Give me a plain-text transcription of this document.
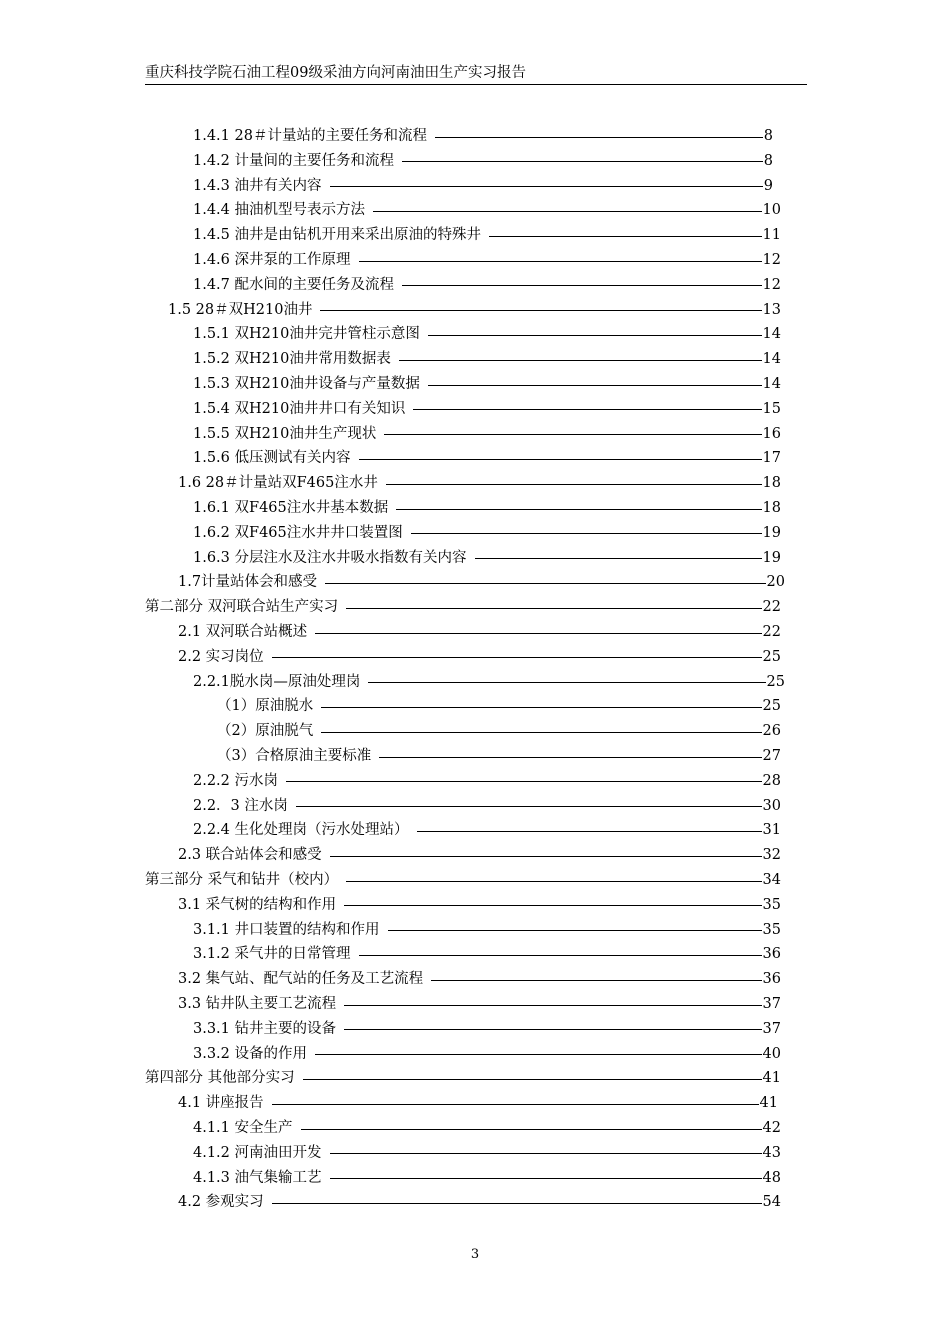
重庆科技学院石油工程09级采油方向河南油田生产实习报告
1.4.1 28＃计量站的主要任务和流程	8
1.4.2 计量间的主要任务和流程	8
1.4.3 油井有关内容	9
1.4.4 抽油机型号表示方法	10
1.4.5 油井是由钻机开用来采出原油的特殊井	11
1.4.6 深井泵的工作原理	12
1.4.7 配水间的主要任务及流程	12
1.5 28＃双H210油井	13
1.5.1 双H210油井完井管柱示意图	14
1.5.2 双H210油井常用数据表	14
1.5.3 双H210油井设备与产量数据	14
1.5.4 双H210油井井口有关知识	15
1.5.5 双H210油井生产现状	16
1.5.6 低压测试有关内容	17
1.6 28＃计量站双F465注水井	18
1.6.1 双F465注水井基本数据	18
1.6.2 双F465注水井井口装置图	19
1.6.3 分层注水及注水井吸水指数有关内容	19
1.7计量站体会和感受	20
第二部分 双河联合站生产实习	22
2.1 双河联合站概述	22
2.2 实习岗位	25
2.2.1脱水岗—原油处理岗	25
（1）原油脱水	25
（2）原油脱气	26
（3）合格原油主要标准	27
2.2.2 污水岗	28
2.2．3 注水岗	30
2.2.4 生化处理岗（污水处理站）	31
2.3 联合站体会和感受	32
第三部分 采气和钻井（校内）	34
3.1 采气树的结构和作用	35
3.1.1 井口装置的结构和作用	35
3.1.2 采气井的日常管理	36
3.2 集气站、配气站的任务及工艺流程	36
3.3 钻井队主要工艺流程	37
3.3.1 钻井主要的设备	37
3.3.2 设备的作用	40
第四部分 其他部分实习	41
4.1 讲座报告	41
4.1.1 安全生产	42
4.1.2 河南油田开发	43
4.1.3 油气集输工艺	48
4.2 参观实习	54
3
